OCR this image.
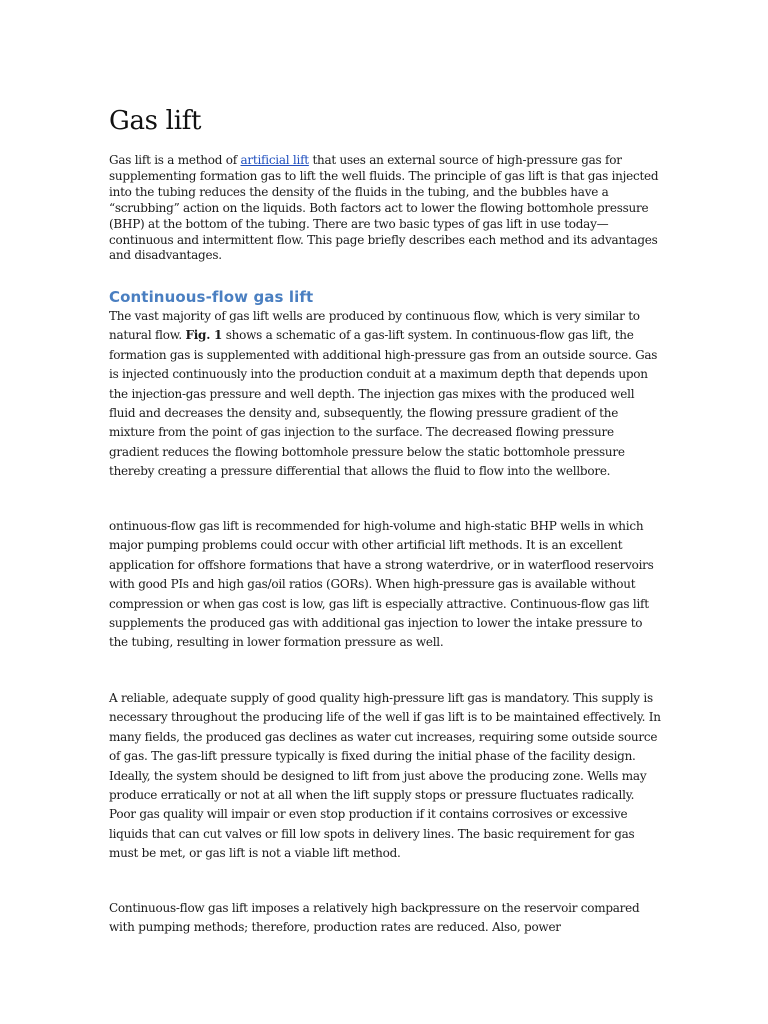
Gas lift

Gas lift is a method of artificial lift that uses an external source of high-pressure gas for supplementing formation gas to lift the well fluids. The principle of gas lift is that gas injected into the tubing reduces the density of the fluids in the tubing, and the bubbles have a “scrubbing” action on the liquids. Both factors act to lower the flowing bottomhole pressure (BHP) at the bottom of the tubing. There are two basic types of gas lift in use today—continuous and intermittent flow. This page briefly describes each method and its advantages and disadvantages.

Continuous-flow gas lift

The vast majority of gas lift wells are produced by continuous flow, which is very similar to natural flow. Fig. 1 shows a schematic of a gas-lift system. In continuous-flow gas lift, the formation gas is supplemented with additional high-pressure gas from an outside source. Gas is injected continuously into the production conduit at a maximum depth that depends upon the injection-gas pressure and well depth. The injection gas mixes with the produced well fluid and decreases the density and, subsequently, the flowing pressure gradient of the mixture from the point of gas injection to the surface. The decreased flowing pressure gradient reduces the flowing bottomhole pressure below the static bottomhole pressure thereby creating a pressure differential that allows the fluid to flow into the wellbore.

ontinuous-flow gas lift is recommended for high-volume and high-static BHP wells in which major pumping problems could occur with other artificial lift methods. It is an excellent application for offshore formations that have a strong waterdrive, or in waterflood reservoirs with good PIs and high gas/oil ratios (GORs). When high-pressure gas is available without compression or when gas cost is low, gas lift is especially attractive. Continuous-flow gas lift supplements the produced gas with additional gas injection to lower the intake pressure to the tubing, resulting in lower formation pressure as well.

A reliable, adequate supply of good quality high-pressure lift gas is mandatory. This supply is necessary throughout the producing life of the well if gas lift is to be maintained effectively. In many fields, the produced gas declines as water cut increases, requiring some outside source of gas. The gas-lift pressure typically is fixed during the initial phase of the facility design. Ideally, the system should be designed to lift from just above the producing zone. Wells may produce erratically or not at all when the lift supply stops or pressure fluctuates radically. Poor gas quality will impair or even stop production if it contains corrosives or excessive liquids that can cut valves or fill low spots in delivery lines. The basic requirement for gas must be met, or gas lift is not a viable lift method.

Continuous-flow gas lift imposes a relatively high backpressure on the reservoir compared with pumping methods; therefore, production rates are reduced. Also, power
